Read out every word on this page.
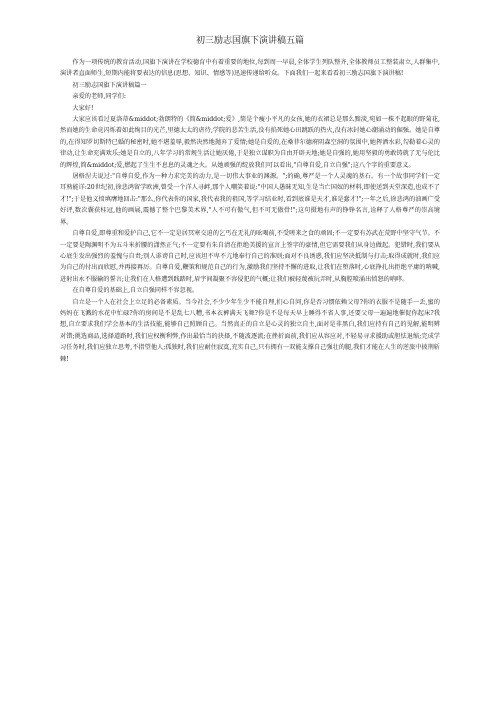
初三励志国旗下演讲稿五篇

作为一项传统的教育活动,国旗下演讲在学校德育中有着重要的地位,每到周一早晨,全体学生列队整齐,全体教师员工整装肃立,人群集中,演讲者直面师生,短期内能将要表达的信息(思想、知识、情感等)迅速传递给听众。下面我们一起来看看初三励志国旗下演讲稿!

初三励志国旗下演讲稿篇一

亲爱的老师,同学们:

大家好!

大家应该看过夏洛蒂&middot;勃朗特的《简&middot;爱》,简是个瘦小平凡的女孩,她的衣裙总是那么黯淡,宛如一株不起眼的野菊花,然而她的生命竟闪烁着如此绚目的光芒,里德太太的虐待,学院的悲苦生活,没有掐死她心田跳跃的热火,没有冰封她心潮涌动的倔强。她是自尊的,在得知罗切斯特已婚的秘密时,她不堪羞辱,毅然决然地抛弃了爱情;她是自爱的,在桑菲尔德府阴森空洞的氛围中,她挥洒水彩,勾勒着心灵的律动,让生命充满欢乐;她是自立的,八年学习的常规生活让她厌倦,于是独立谋职为自由开辟天地;她是自强的,她用坚毅的勇敢铸就了无与伦比的辉煌,简&middot;爱,燃起了生生不息息的灵魂之火。从她顽强的绽放我们可以看出,"自尊自爱,自立自强";这八个字的重要意义。

屠格涅夫说过:"自尊自爱,作为一种力求完美的动力,是一切伟大事业的渊源。";的确,尊严是一个人灵魂的基石。有一个故事同学们一定耳熟能详:20世纪初,徐悲鸿留学欧洲,曾受一个洋人寻衅,那个人嘲笑着说:"中国人愚昧无知,生是当亡国奴的材料,即使送到天堂深造,也成不了才!";于是他义愤填膺地回击:"那么,你代表你的国家,我代表我的祖国,等学习结业时,看到底谁是天才,谁是蠢才!";一年之后,徐悲鸿的油画广受好评,数次囊获桂冠,他的画展,震撼了整个巴黎美术界,"人不可有傲气,但不可无傲骨!";这句摄地有声的铮铮名言,诠释了人格尊严的崇高境界。

自尊自爱,即尊重和爱护自己,它不一定是居冥寒交迫的乞丐在无礼的吆喝前,不受嗟来之食的顽固;不一定要有苏武在荒野中坚守气节。不一定要是陶渊明不为五斗米折腰的潇然正气;不一定要有朱自清在拒绝美援的宣言上签字的豪情,但它需要我们从身边做起。犯错时,我们要从心底生发出强烈的羞愧与自责;别人诽谤自己时,应该坦不卑不亢地奉行自己的准则;面对不良诱惑,我们应坚决抵制与打击;取得成就时,我们应为自己的付出而欣慰,并再接再厉。自尊自爱,鞭策和规范自己的行为,激励我们坚持不懈的进取,让我们在堕落时,心底挣扎出拒绝平庸的呐喊,迸射出永不服输的誓言;让我们在人格遭到践踏时,眉宇间凝聚不容侵犯的气概;让我们被轻蔑被玩弄时,从胸腔喷涌出愤怒的吶哮。

在自尊自爱的基础上,自立自强同样不容忽视。

自立是一个人在社会上立足的必备素质。当今社会,不少少年生少不能自理,扪心自问,你是否习惯依赖父母?你的衣服不是随手一丢,蜜的妈妈在飞溅的水花中忙碌?你的房间是不是乱七八糟,书本衣裤满天飞舞?你是不是每天早上睡得不省人事,还要父母一遍遍地催促你起床?我想,自立要求我们学会基本的生活技能,能够自己照顾自己。当然真正的自立是心灵的独立自主,面对是非黑白,我们应持有自己的见解,能明辨对错;挑选商品,选择道路时,我们应权衡利弊,作出最恰当的抉择,不随波逐流;在挫折面前,我们应从容应对,不轻易寻求援助或胆怯退缩;完成学习任务时,我们应独立思考,不指望他人;孤独时,我们应耐住寂寞,充实自己,只有拥有一双能支撑自己强壮的腿,我们才能在人生的逆旅中披荆斩棘!
